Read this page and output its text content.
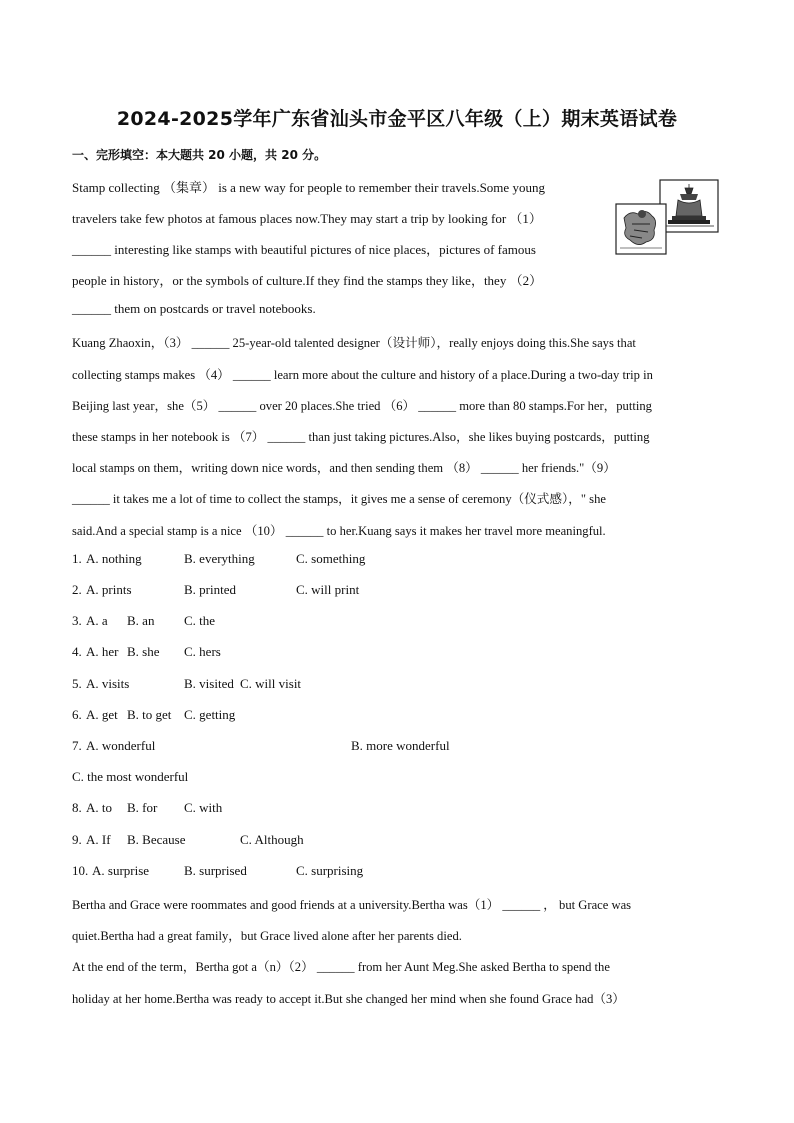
2024-2025学年广东省汕头市金平区八年级（上）期末英语试卷
一、完形填空：本大题共 20 小题，共 20 分。
Stamp collecting （集章） is a new way for people to remember their travels.Some young
travelers take few photos at famous places now.They may start a trip by looking for （1）
______ interesting like stamps with beautiful pictures of nice places，pictures of famous
people in history，or the symbols of culture.If they find the stamps they like，they （2）
______ them on postcards or travel notebooks.
Kuang Zhaoxin，（3） ______ 25-year-old talented designer（设计师），really enjoys doing this.She says that
collecting stamps makes （4） ______ learn more about the culture and history of a place.During a two-day trip in
Beijing last year，she（5） ______ over 20 places.She tried （6） ______ more than 80 stamps.For her，putting
these stamps in her notebook is （7） ______ than just taking pictures.Also，she likes buying postcards，putting
local stamps on them，writing down nice words，and then sending them （8） ______ her friends."（9）
______ it takes me a lot of time to collect the stamps，it gives me a sense of ceremony（仪式感），" she
said.And a special stamp is a nice （10） ______ to her.Kuang says it makes her travel more meaningful.
1. A. nothing	B. everything	C. something
2. A. prints	B. printed	C. will print
3. A. a B. an C. the
4. A. her B. she C. hers
5. A. visits	B. visited C. will visit
6. A. get B. to get C. getting
7. A. wonderful	B. more wonderful
C. the most wonderful
8. A. to B. for C. with
9. A. If B. Because	C. Although
10. A. surprise	B. surprised	C. surprising
Bertha and Grace were roommates and good friends at a university.Bertha was（1） ______ ， but Grace was
quiet.Bertha had a great family，but Grace lived alone after her parents died.
At the end of the term，Bertha got a（n）（2） ______ from her Aunt Meg.She asked Bertha to spend the
holiday at her home.Bertha was ready to accept it.But she changed her mind when she found Grace had（3）
